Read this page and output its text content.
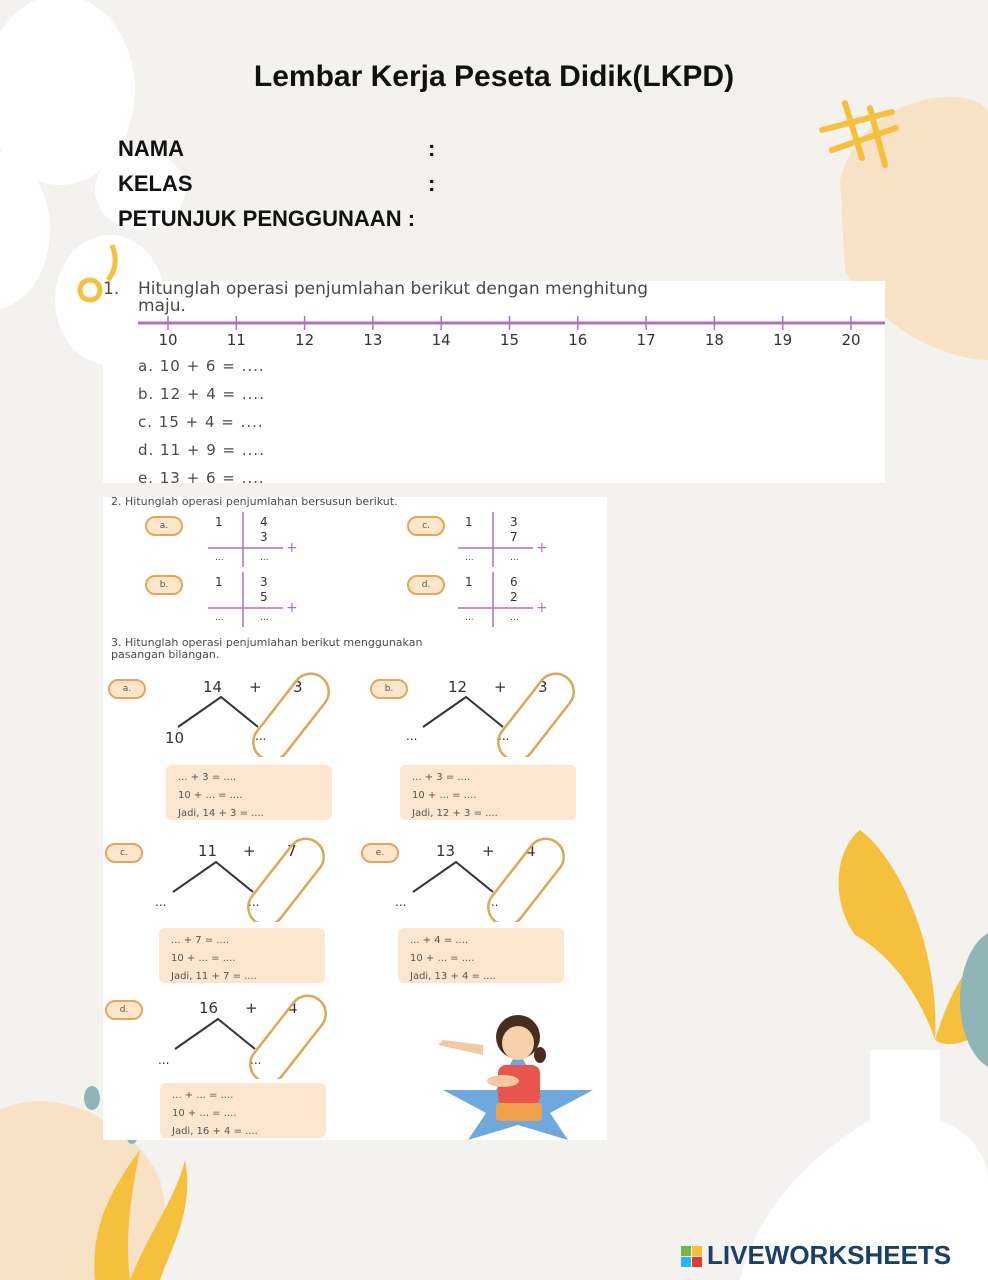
Lembar Kerja Peseta Didik(LKPD)
NAMA	:
KELAS	:
PETUNJUK PENGGUNAAN :
1. Hitunglah operasi penjumlahan berikut dengan menghitung
maju.
10	11	12	13	14	15	16	17	18	19	20
a. 10 + 6 = ....
b. 12 + 4 = ....
c. 15 + 4 = ....
d. 11 + 9 = ....
e. 13 + 6 = ....
2. Hitunglah operasi penjumlahan bersusun berikut.
a.	1	4
3
...	...
+
c.	1	3
7
...	...
+
b.	1	3
5
...	...
+
d.	1	6
2
...	...
+
3. Hitunglah operasi penjumlahan berikut menggunakan
pasangan bilangan.
a.	14 + 3
10	...
... + 3 = ....
10 + ... = ....
Jadi, 14 + 3 = ....
b.	12 + 3
...	...
... + 3 = ....
10 + ... = ....
Jadi, 12 + 3 = ....
c.	11 + 7
...	...
... + 7 = ....
10 + ... = ....
Jadi, 11 + 7 = ....
e.	13 + 4
...	...
... + 4 = ....
10 + ... = ....
Jadi, 13 + 4 = ....
d.	16 + 4
...	...
... + ... = ....
10 + ... = ....
Jadi, 16 + 4 = ....
LIVEWORKSHEETS
